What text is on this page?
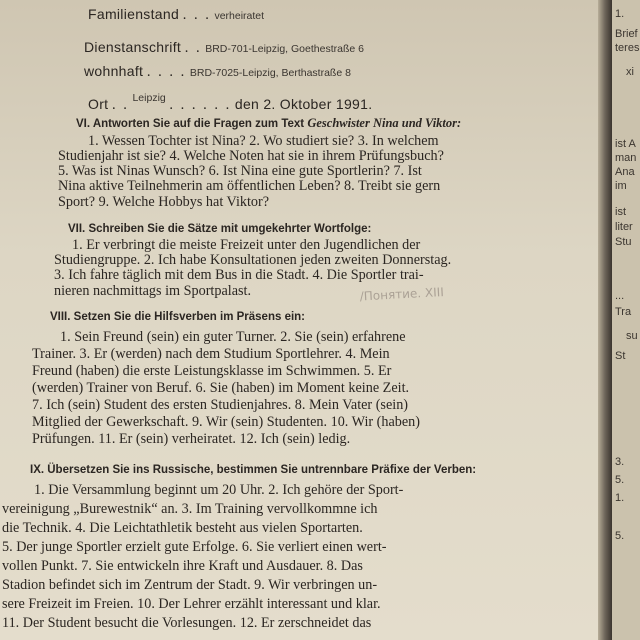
Familienstand . . . verheiratet
Dienstanschrift . . BRD-701-Leipzig, Goethestraße 6
wohnhaft . . . . BRD-7025-Leipzig, Berthastraße 8
Ort . . $^{Leipzig}$ . . . . . . den 2. Oktober 1991.
VI. Antworten Sie auf die Fragen zum Text Geschwister Nina und Viktor:
1. Wessen Tochter ist Nina? 2. Wo studiert sie? 3. In welchem
Studienjahr ist sie? 4. Welche Noten hat sie in ihrem Prüfungsbuch?
5. Was ist Ninas Wunsch? 6. Ist Nina eine gute Sportlerin? 7. Ist
Nina aktive Teilnehmerin am öffentlichen Leben? 8. Treibt sie gern
Sport? 9. Welche Hobbys hat Viktor?
VII. Schreiben Sie die Sätze mit umgekehrter Wortfolge:
1. Er verbringt die meiste Freizeit unter den Jugendlichen der
Studiengruppe. 2. Ich habe Konsultationen jeden zweiten Donnerstag.
3. Ich fahre täglich mit dem Bus in die Stadt. 4. Die Sportler trai-
nieren nachmittags im Sportpalast.
VIII. Setzen Sie die Hilfsverben im Präsens ein:
/Понятие. XIII
1. Sein Freund (sein) ein guter Turner. 2. Sie (sein) erfahrene
Trainer. 3. Er (werden) nach dem Studium Sportlehrer. 4. Mein
Freund (haben) die erste Leistungsklasse im Schwimmen. 5. Er
(werden) Trainer von Beruf. 6. Sie (haben) im Moment keine Zeit.
7. Ich (sein) Student des ersten Studienjahres. 8. Mein Vater (sein)
Mitglied der Gewerkschaft. 9. Wir (sein) Studenten. 10. Wir (haben)
Prüfungen. 11. Er (sein) verheiratet. 12. Ich (sein) ledig.
IX. Übersetzen Sie ins Russische, bestimmen Sie untrennbare Präfixe der Verben:
1. Die Versammlung beginnt um 20 Uhr. 2. Ich gehöre der Sport-
vereinigung „Burewestnik“ an. 3. Im Training vervollkommne ich
die Technik. 4. Die Leichtathletik besteht aus vielen Sportarten.
5. Der junge Sportler erzielt gute Erfolge. 6. Sie verliert einen wert-
vollen Punkt. 7. Sie entwickeln ihre Kraft und Ausdauer. 8. Das
Stadion befindet sich im Zentrum der Stadt. 9. Wir verbringen un-
sere Freizeit im Freien. 10. Der Lehrer erzählt interessant und klar.
11. Der Student besucht die Vorlesungen. 12. Er zerschneidet das
1.
Brief
teres
xi
ist A
man
Ana
im
ist
liter
Stu
...
Tra
su
St
3.
5.
1.
5.
